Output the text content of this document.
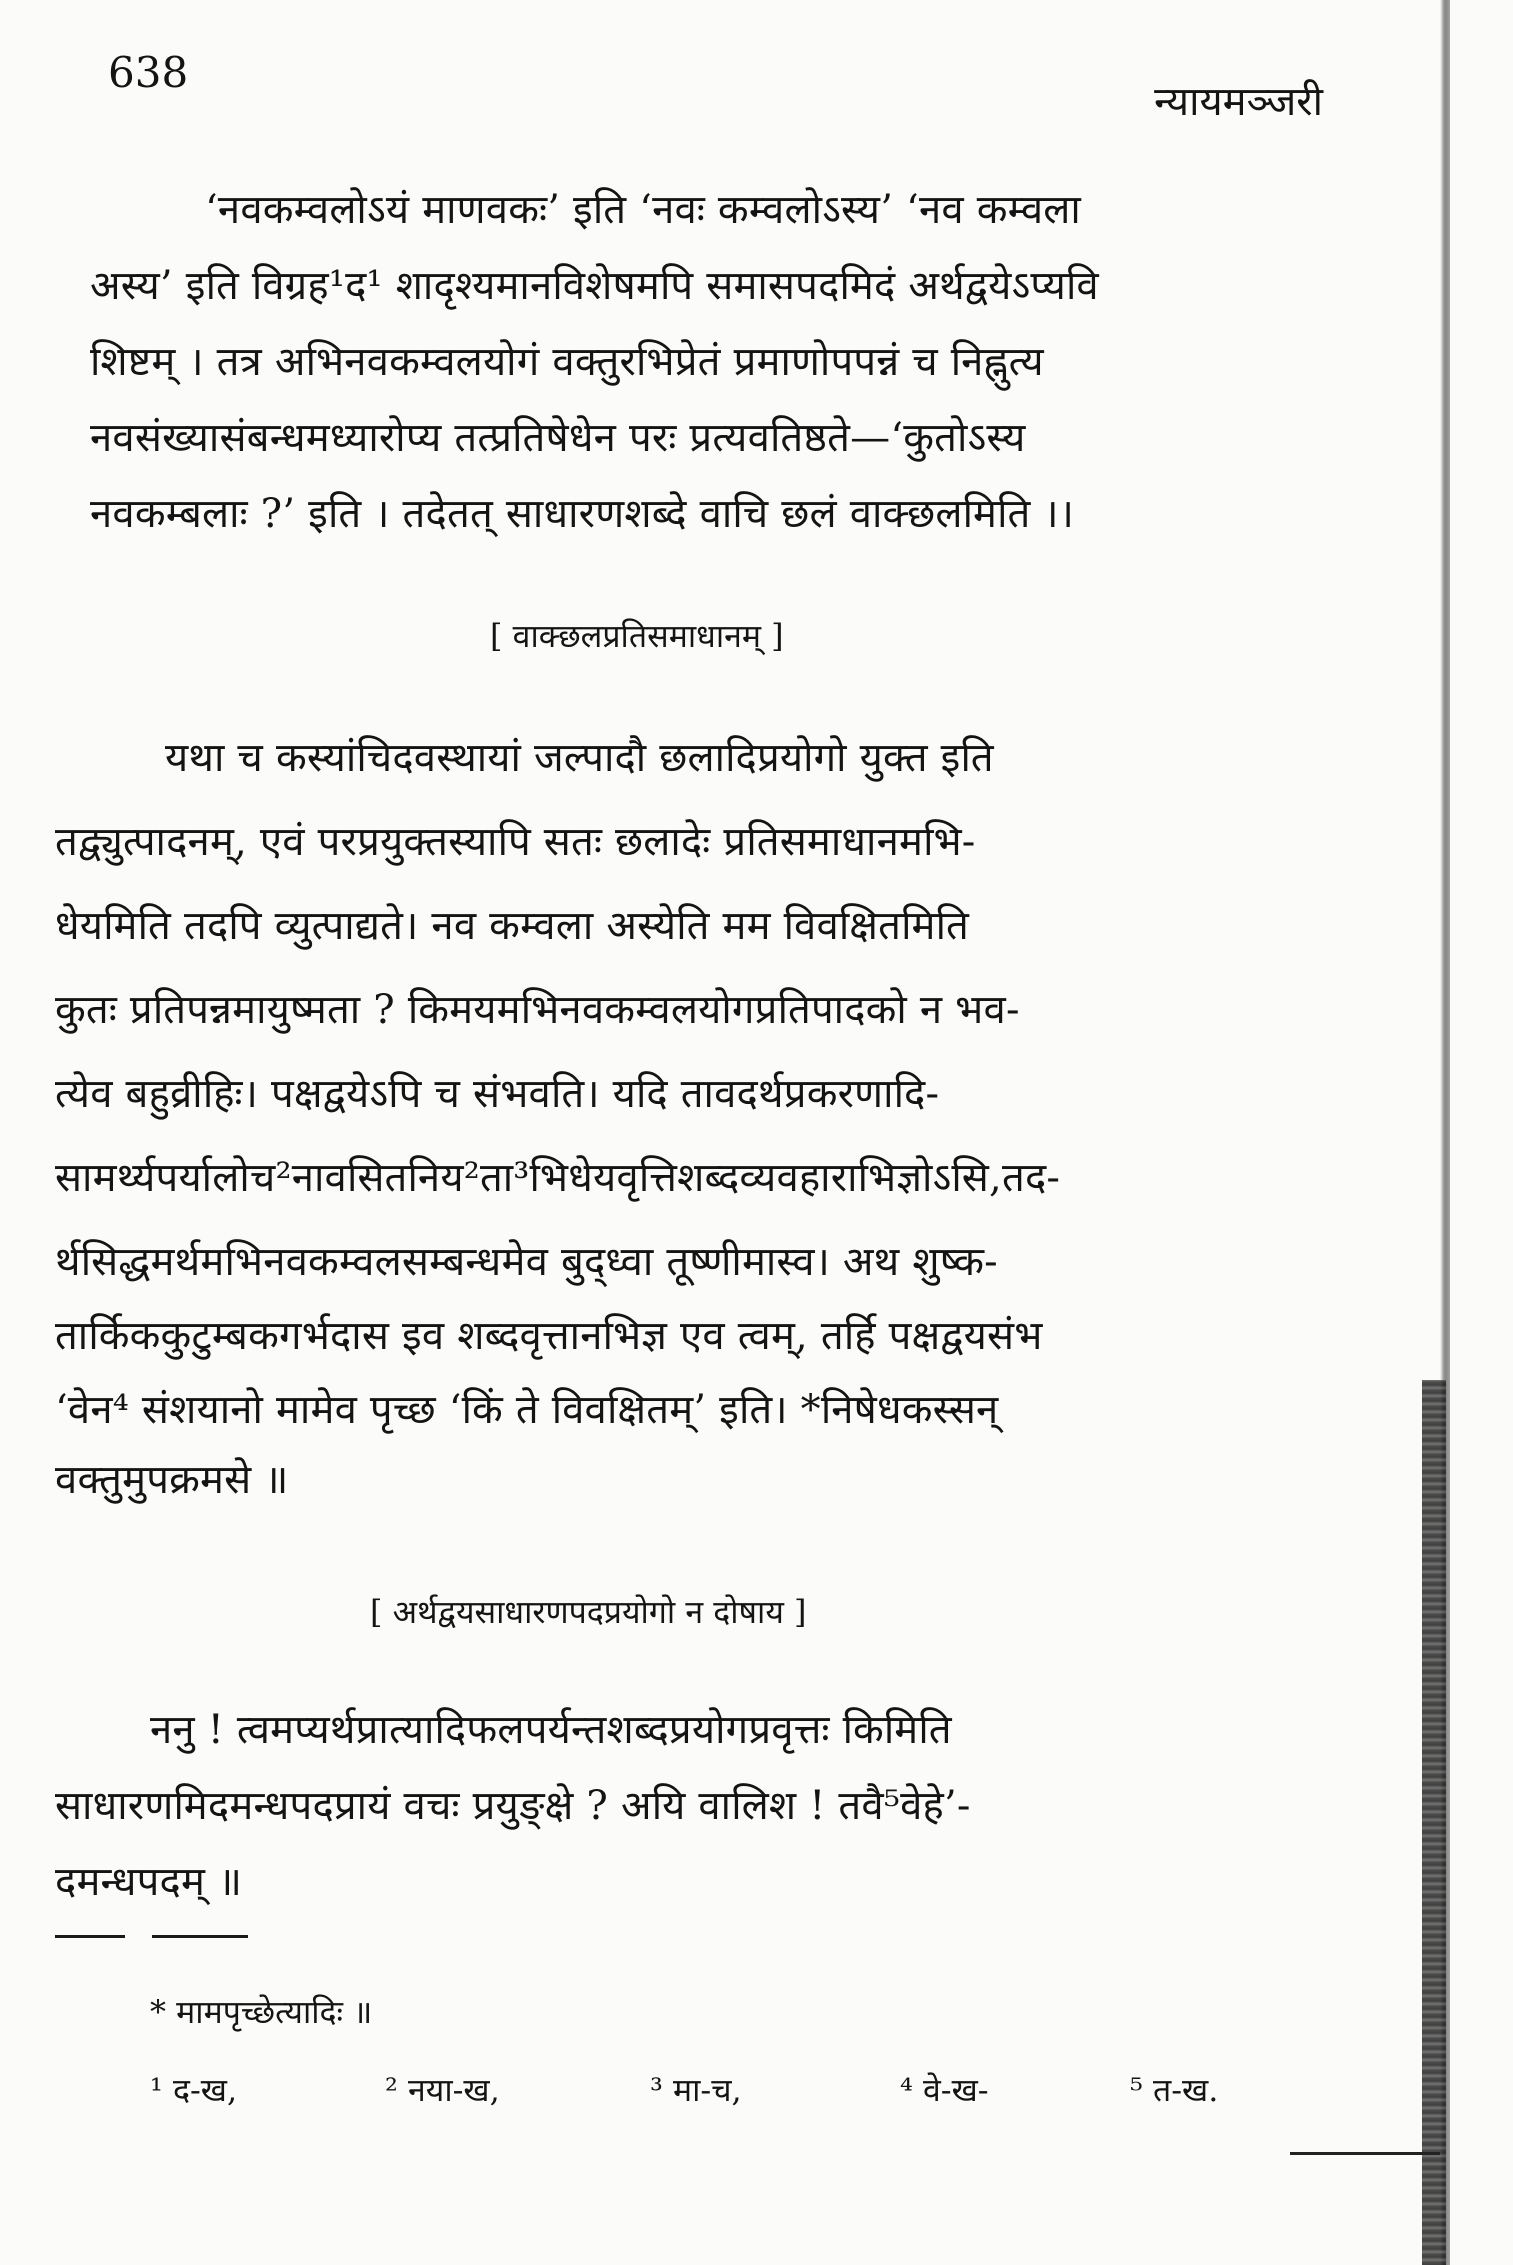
638
न्यायमञ्जरी
‘नवकम्वलोऽयं माणवकः’ इति ‘नवः कम्वलोऽस्य’ ‘नव कम्वला
अस्य’ इति विग्रह¹द¹ शादृश्यमानविशेषमपि समासपदमिदं अर्थद्वयेऽप्यवि
शिष्टम् । तत्र अभिनवकम्वलयोगं वक्तुरभिप्रेतं प्रमाणोपपन्नं च निह्नुत्य
नवसंख्यासंबन्धमध्यारोप्य तत्प्रतिषेधेन परः प्रत्यवतिष्ठते—‘कुतोऽस्य
नवकम्बलाः ?’ इति । तदेतत् साधारणशब्दे वाचि छलं वाक्छलमिति ।।
[ वाक्छलप्रतिसमाधानम् ]
यथा च कस्यांचिदवस्थायां जल्पादौ छलादिप्रयोगो युक्त इति
तद्व्युत्पादनम्, एवं परप्रयुक्तस्यापि सतः छलादेः प्रतिसमाधानमभि-
धेयमिति तदपि व्युत्पाद्यते। नव कम्वला अस्येति मम विवक्षितमिति
कुतः प्रतिपन्नमायुष्मता ? किमयमभिनवकम्वलयोगप्रतिपादको न भव-
त्येव बहुव्रीहिः। पक्षद्वयेऽपि च संभवति। यदि तावदर्थप्रकरणादि-
सामर्थ्यपर्यालोच²नावसितनिय²ता³भिधेयवृत्तिशब्दव्यवहाराभिज्ञोऽसि,तद-
र्थसिद्धमर्थमभिनवकम्वलसम्बन्धमेव बुद्ध्वा तूष्णीमास्व। अथ शुष्क-
तार्किककुटुम्बकगर्भदास इव शब्दवृत्तानभिज्ञ एव त्वम्, तर्हि पक्षद्वयसंभ
‘वेन⁴ संशयानो मामेव पृच्छ ‘किं ते विवक्षितम्’ इति। *निषेधकस्सन्
वक्तुमुपक्रमसे ॥
[ अर्थद्वयसाधारणपदप्रयोगो न दोषाय ]
ननु ! त्वमप्यर्थप्रात्यादिफलपर्यन्तशब्दप्रयोगप्रवृत्तः किमिति
साधारणमिदमन्धपदप्रायं वचः प्रयुङ्क्षे ? अयि वालिश ! तवै⁵वेहे’-
दमन्धपदम् ॥
* मामपृच्छेत्यादिः ॥
¹ द-ख,	² नया-ख,	³ मा-च,	⁴ वे-ख-	⁵ त-ख.
